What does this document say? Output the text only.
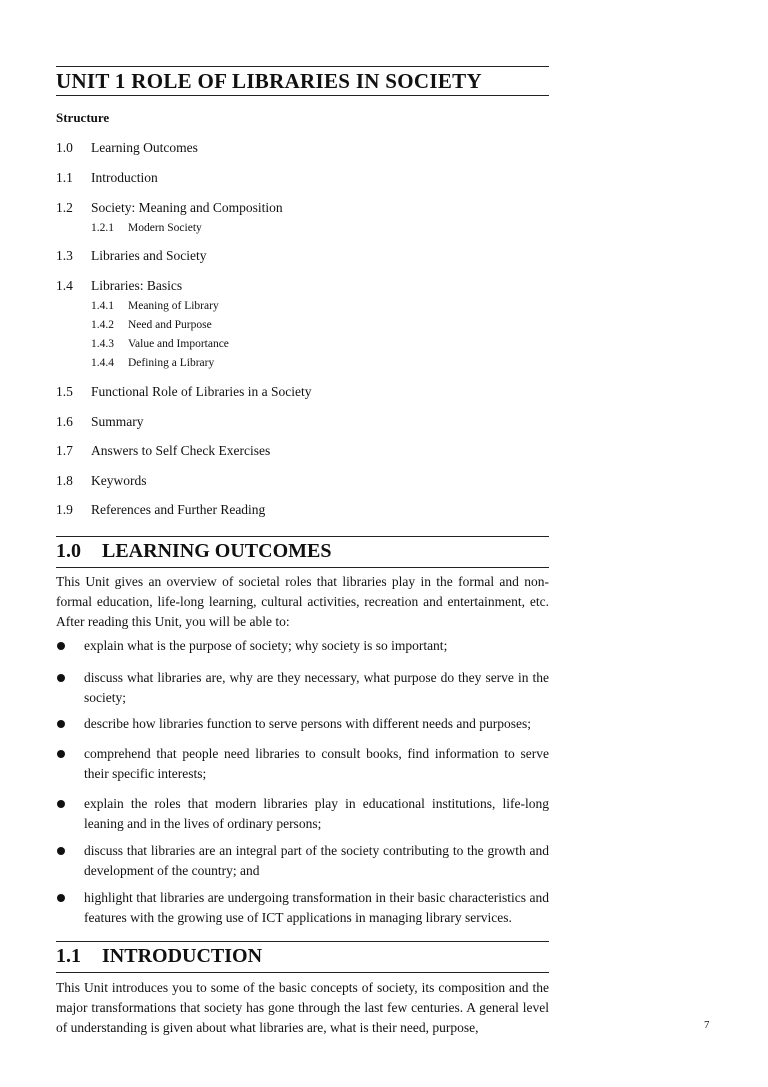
UNIT 1 ROLE OF LIBRARIES IN SOCIETY
Structure
1.0 Learning Outcomes
1.1 Introduction
1.2 Society: Meaning and Composition
1.2.1 Modern Society
1.3 Libraries and Society
1.4 Libraries: Basics
1.4.1 Meaning of Library
1.4.2 Need and Purpose
1.4.3 Value and Importance
1.4.4 Defining a Library
1.5 Functional Role of Libraries in a Society
1.6 Summary
1.7 Answers to Self Check Exercises
1.8 Keywords
1.9 References and Further Reading
1.0 LEARNING OUTCOMES
This Unit gives an overview of societal roles that libraries play in the formal and non-formal education, life-long learning, cultural activities, recreation and entertainment, etc. After reading this Unit, you will be able to:
explain what is the purpose of society; why society is so important;
discuss what libraries are, why are they necessary, what purpose do they serve in the society;
describe how libraries function to serve persons with different needs and purposes;
comprehend that people need libraries to consult books, find information to serve their specific interests;
explain the roles that modern libraries play in educational institutions, life-long leaning and in the lives of ordinary persons;
discuss that libraries are an integral part of the society contributing to the growth and development of the country; and
highlight that libraries are undergoing transformation in their basic characteristics and features with the growing use of ICT applications in managing library services.
1.1 INTRODUCTION
This Unit introduces you to some of the basic concepts of society, its composition and the major transformations that society has gone through the last few centuries. A general level of understanding is given about what libraries are, what is their need, purpose,	7
